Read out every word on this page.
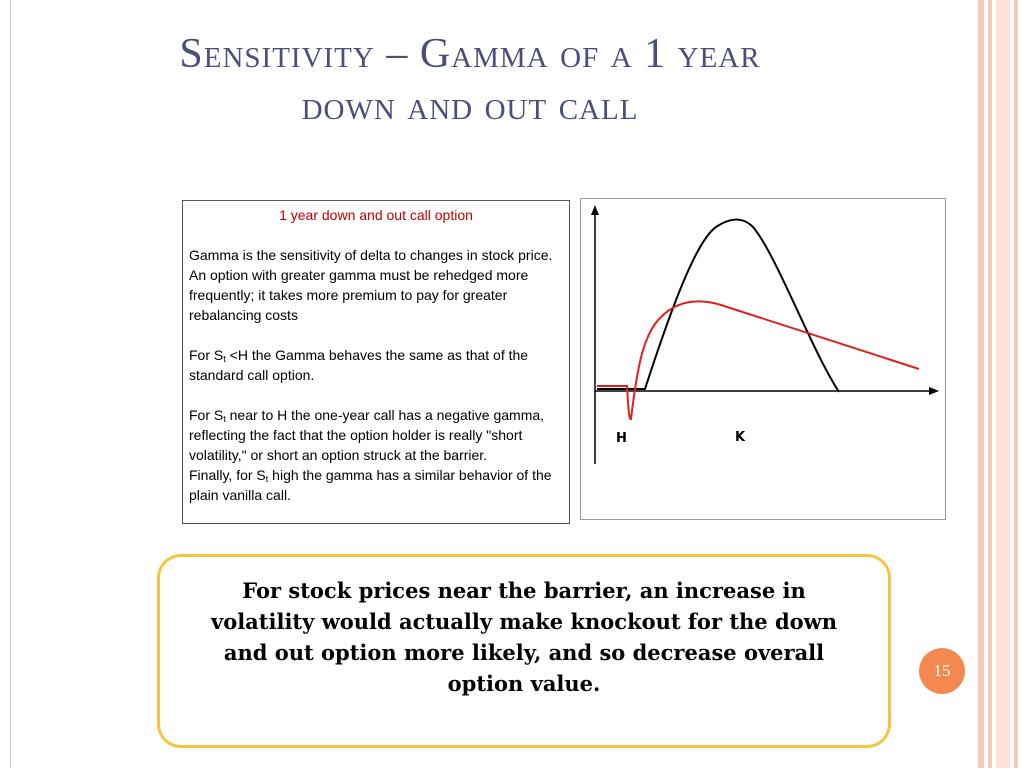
Sensitivity – Gamma of a 1 year
down and out call

1 year down and out call option

Gamma is the sensitivity of delta to changes in stock price. An option with greater gamma must be rehedged more frequently; it takes more premium to pay for greater rebalancing costs

For $S_t <H$ the Gamma behaves the same as that of the standard call option.

For $S_t$ near to H the one-year call has a negative gamma, reflecting the fact that the option holder is really "short volatility," or short an option struck at the barrier.

Finally, for $S_t$ high the gamma has a similar behavior of the plain vanilla call.

H	K
For stock prices near the barrier, an increase in volatility would actually make knockout for the down and out option more likely, and so decrease overall option value.
15
